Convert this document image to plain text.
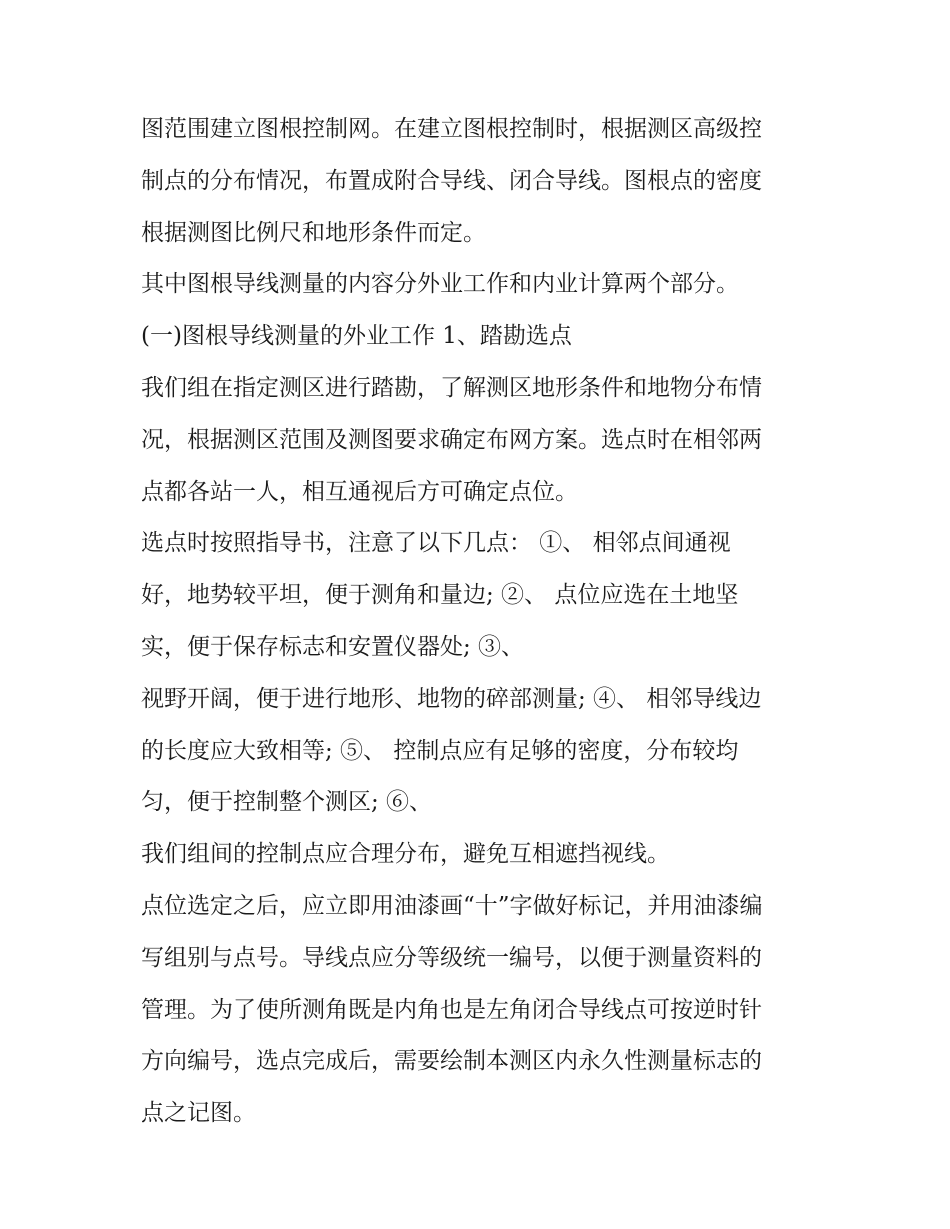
图范围建立图根控制网。在建立图根控制时，根据测区高级控
制点的分布情况，布置成附合导线、闭合导线。图根点的密度
根据测图比例尺和地形条件而定。
其中图根导线测量的内容分外业工作和内业计算两个部分。
(一)图根导线测量的外业工作 1、踏勘选点
我们组在指定测区进行踏勘，了解测区地形条件和地物分布情
况，根据测区范围及测图要求确定布网方案。选点时在相邻两
点都各站一人，相互通视后方可确定点位。
选点时按照指导书，注意了以下几点： ①、 相邻点间通视
好，地势较平坦，便于测角和量边; ②、 点位应选在土地坚
实，便于保存标志和安置仪器处; ③、
视野开阔，便于进行地形、地物的碎部测量; ④、 相邻导线边
的长度应大致相等; ⑤、 控制点应有足够的密度，分布较均
匀，便于控制整个测区; ⑥、
我们组间的控制点应合理分布，避免互相遮挡视线。
点位选定之后，应立即用油漆画“十”字做好标记，并用油漆编
写组别与点号。导线点应分等级统一编号，以便于测量资料的
管理。为了使所测角既是内角也是左角闭合导线点可按逆时针
方向编号，选点完成后，需要绘制本测区内永久性测量标志的
点之记图。
